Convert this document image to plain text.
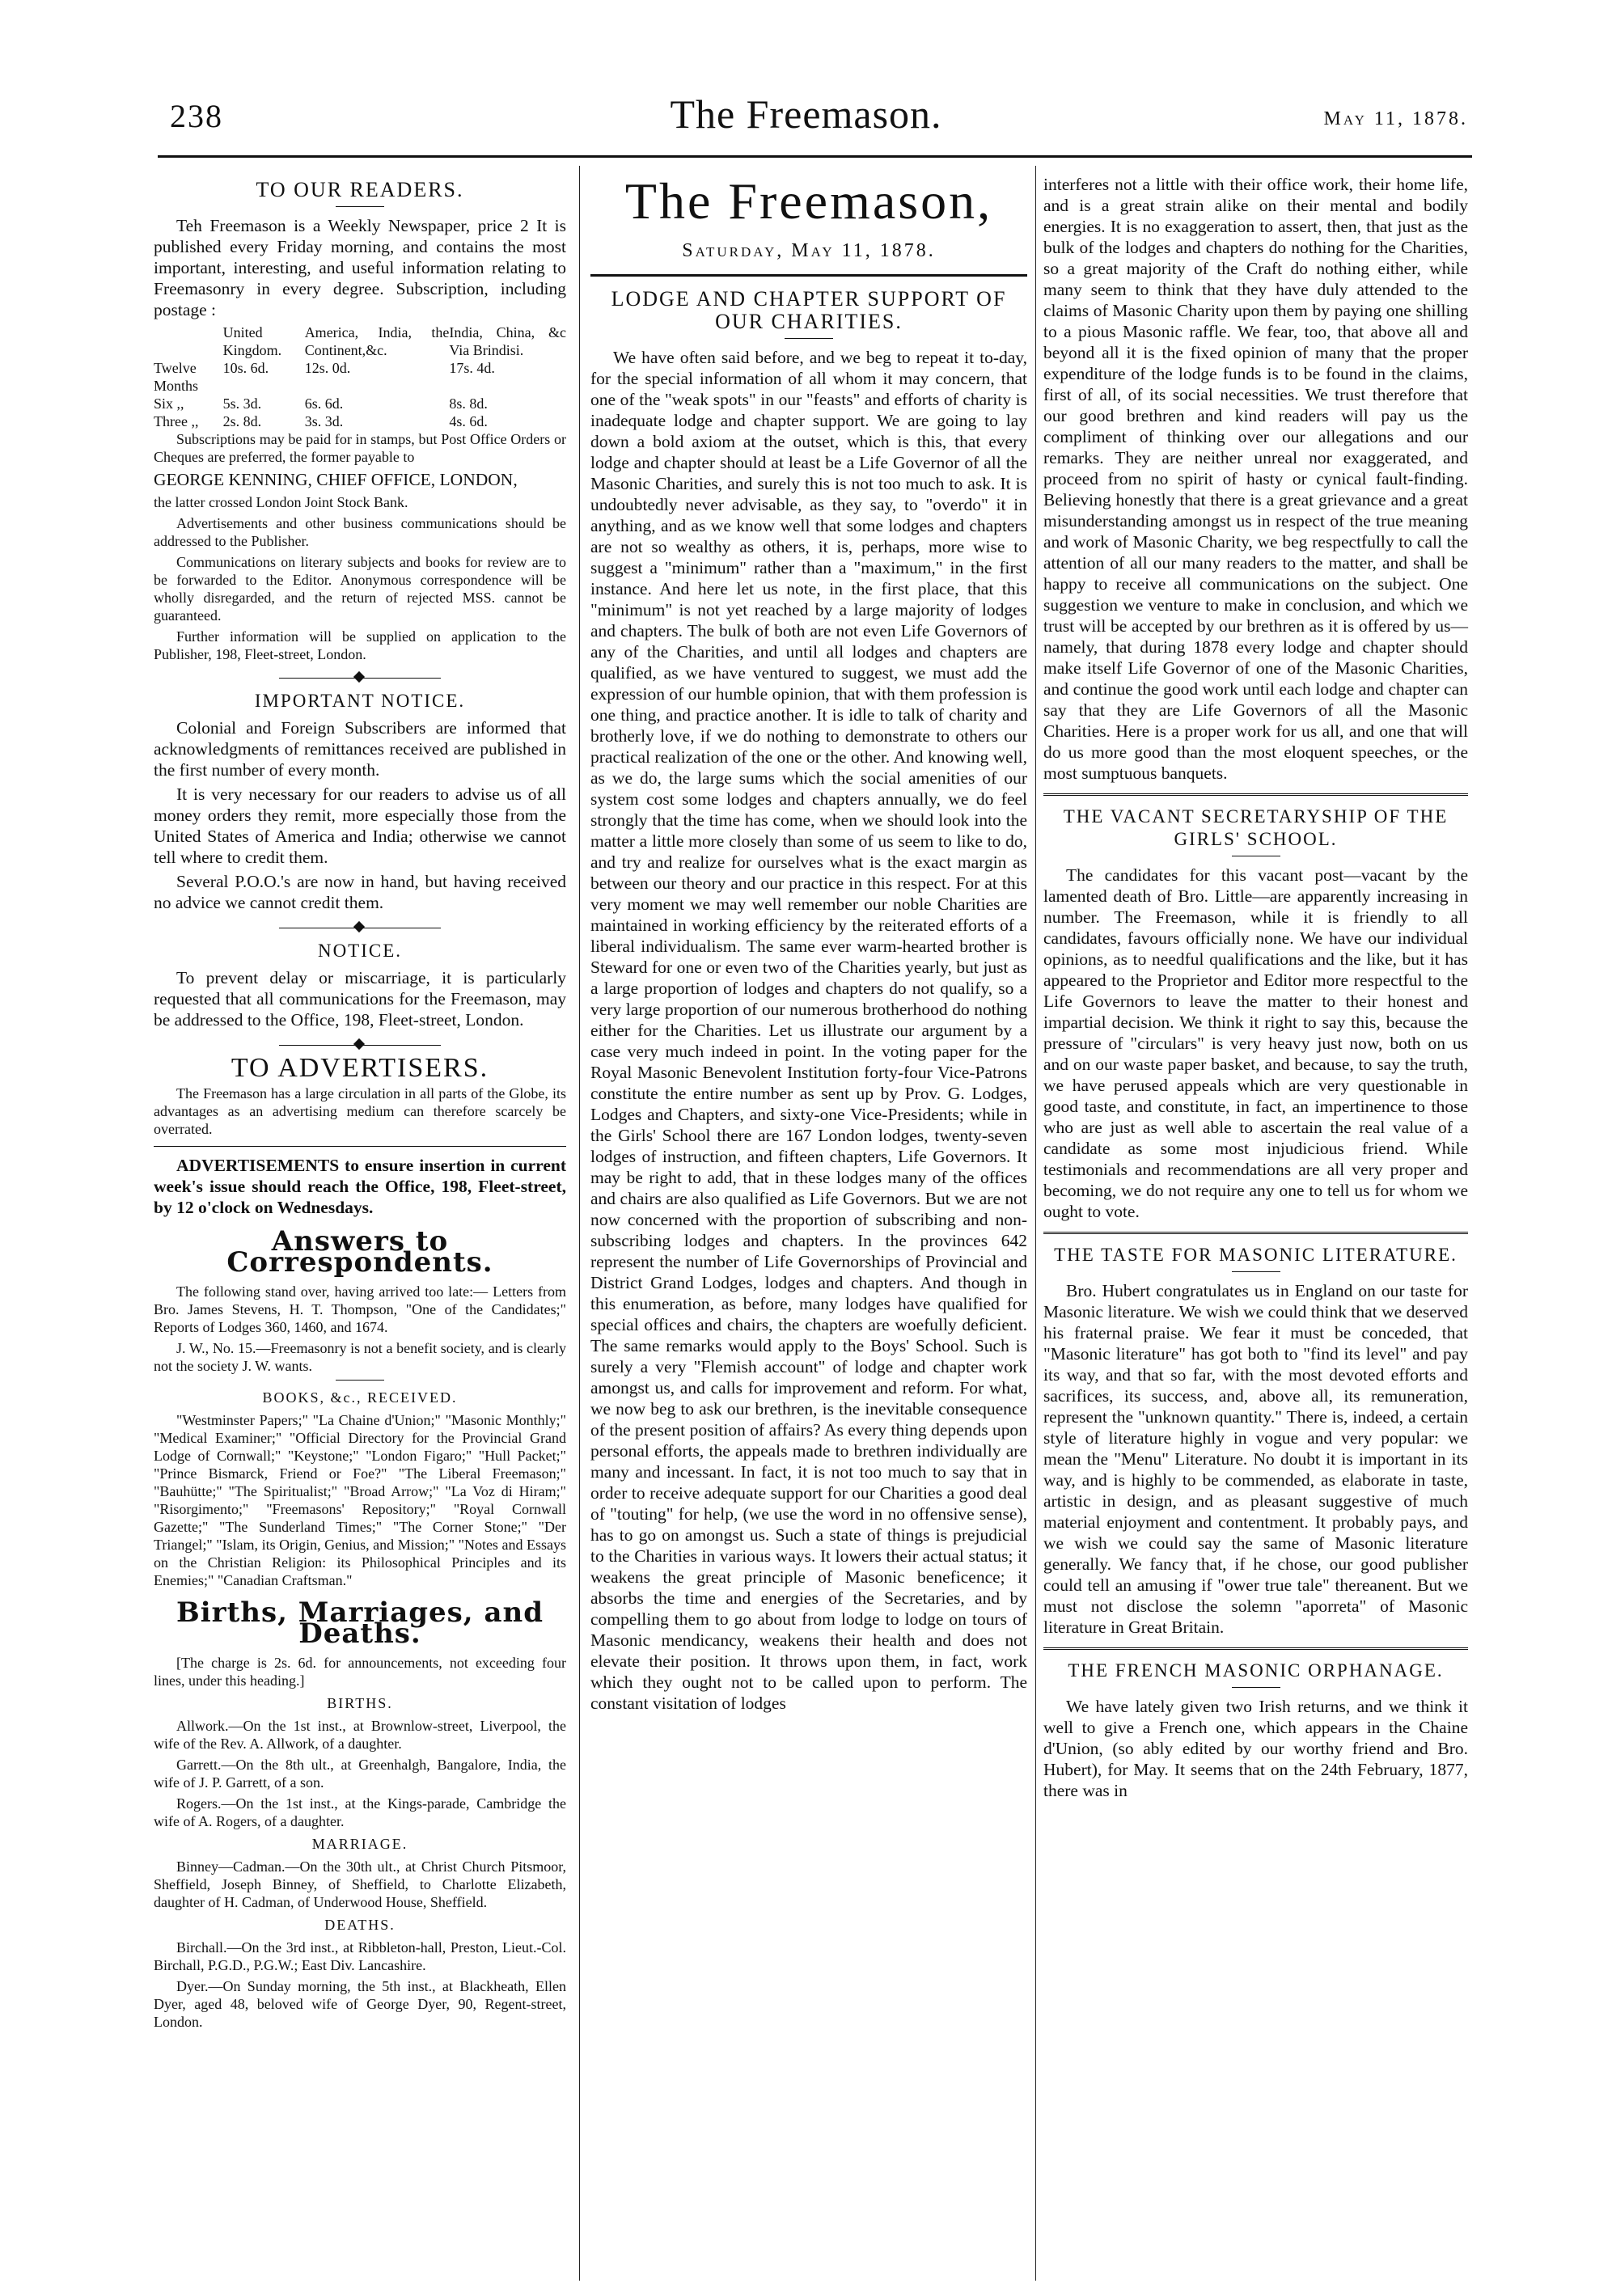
238	The Freemason.	May 11, 1878.
TO OUR READERS.

Teh Freemason is a Weekly Newspaper, price 2 It is published every Friday morning, and contains the most important, interesting, and useful information relating to Freemasonry in every degree. Subscription, including postage :

	United Kingdom.	America, India, the Continent,&c.	India, China, &c Via Brindisi.
Twelve Months	10s. 6d.	12s. 0d.	17s. 4d.
Six ,,	5s. 3d.	6s. 6d.	8s. 8d.
Three ,,	2s. 8d.	3s. 3d.	4s. 6d.

Subscriptions may be paid for in stamps, but Post Office Orders or Cheques are preferred, the former payable to

GEORGE KENNING, CHIEF OFFICE, LONDON,

the latter crossed London Joint Stock Bank.

Advertisements and other business communications should be addressed to the Publisher.

Communications on literary subjects and books for review are to be forwarded to the Editor. Anonymous correspondence will be wholly disregarded, and the return of rejected MSS. cannot be guaranteed.

Further information will be supplied on application to the Publisher, 198, Fleet-street, London.

IMPORTANT NOTICE.

Colonial and Foreign Subscribers are informed that acknowledgments of remittances received are published in the first number of every month.

It is very necessary for our readers to advise us of all money orders they remit, more especially those from the United States of America and India; otherwise we cannot tell where to credit them.

Several P.O.O.'s are now in hand, but having received no advice we cannot credit them.

NOTICE.

To prevent delay or miscarriage, it is particularly requested that all communications for the Freemason, may be addressed to the Office, 198, Fleet-street, London.

TO ADVERTISERS.

The Freemason has a large circulation in all parts of the Globe, its advantages as an advertising medium can therefore scarcely be overrated.

ADVERTISEMENTS to ensure insertion in current week's issue should reach the Office, 198, Fleet-street, by 12 o'clock on Wednesdays.

Answers to Correspondents.

The following stand over, having arrived too late:— Letters from Bro. James Stevens, H. T. Thompson, "One of the Candidates;" Reports of Lodges 360, 1460, and 1674.

J. W., No. 15.—Freemasonry is not a benefit society, and is clearly not the society J. W. wants.

BOOKS, &c., RECEIVED.

"Westminster Papers;" "La Chaine d'Union;" "Masonic Monthly;" "Medical Examiner;" "Official Directory for the Provincial Grand Lodge of Cornwall;" "Keystone;" "London Figaro;" "Hull Packet;" "Prince Bismarck, Friend or Foe?" "The Liberal Freemason;" "Bauhütte;" "The Spiritualist;" "Broad Arrow;" "La Voz di Hiram;" "Risorgimento;" "Freemasons' Repository;" "Royal Cornwall Gazette;" "The Sunderland Times;" "The Corner Stone;" "Der Triangel;" "Islam, its Origin, Genius, and Mission;" "Notes and Essays on the Christian Religion: its Philosophical Principles and its Enemies;" "Canadian Craftsman."

Births, Marriages, and Deaths.

[The charge is 2s. 6d. for announcements, not exceeding four lines, under this heading.]

BIRTHS.

Allwork.—On the 1st inst., at Brownlow-street, Liverpool, the wife of the Rev. A. Allwork, of a daughter.

Garrett.—On the 8th ult., at Greenhalgh, Bangalore, India, the wife of J. P. Garrett, of a son.

Rogers.—On the 1st inst., at the Kings-parade, Cambridge the wife of A. Rogers, of a daughter.

MARRIAGE.

Binney—Cadman.—On the 30th ult., at Christ Church Pitsmoor, Sheffield, Joseph Binney, of Sheffield, to Charlotte Elizabeth, daughter of H. Cadman, of Underwood House, Sheffield.

DEATHS.

Birchall.—On the 3rd inst., at Ribbleton-hall, Preston, Lieut.-Col. Birchall, P.G.D., P.G.W.; East Div. Lancashire.

Dyer.—On Sunday morning, the 5th inst., at Blackheath, Ellen Dyer, aged 48, beloved wife of George Dyer, 90, Regent-street, London.

The Freemason,
Saturday, May 11, 1878.
LODGE AND CHAPTER SUPPORT OF OUR CHARITIES.

We have often said before, and we beg to repeat it to-day, for the special information of all whom it may concern, that one of the "weak spots" in our "feasts" and efforts of charity is inadequate lodge and chapter support. We are going to lay down a bold axiom at the outset, which is this, that every lodge and chapter should at least be a Life Governor of all the Masonic Charities, and surely this is not too much to ask. It is undoubtedly never advisable, as they say, to "overdo" it in anything, and as we know well that some lodges and chapters are not so wealthy as others, it is, perhaps, more wise to suggest a "minimum" rather than a "maximum," in the first instance. And here let us note, in the first place, that this "minimum" is not yet reached by a large majority of lodges and chapters. The bulk of both are not even Life Governors of any of the Charities, and until all lodges and chapters are qualified, as we have ventured to suggest, we must add the expression of our humble opinion, that with them profession is one thing, and practice another. It is idle to talk of charity and brotherly love, if we do nothing to demonstrate to others our practical realization of the one or the other. And knowing well, as we do, the large sums which the social amenities of our system cost some lodges and chapters annually, we do feel strongly that the time has come, when we should look into the matter a little more closely than some of us seem to like to do, and try and realize for ourselves what is the exact margin as between our theory and our practice in this respect. For at this very moment we may well remember our noble Charities are maintained in working efficiency by the reiterated efforts of a liberal individualism. The same ever warm-hearted brother is Steward for one or even two of the Charities yearly, but just as a large proportion of lodges and chapters do not qualify, so a very large proportion of our numerous brotherhood do nothing either for the Charities. Let us illustrate our argument by a case very much indeed in point. In the voting paper for the Royal Masonic Benevolent Institution forty-four Vice-Patrons constitute the entire number as sent up by Prov. G. Lodges, Lodges and Chapters, and sixty-one Vice-Presidents; while in the Girls' School there are 167 London lodges, twenty-seven lodges of instruction, and fifteen chapters, Life Governors. It may be right to add, that in these lodges many of the offices and chairs are also qualified as Life Governors. But we are not now concerned with the proportion of subscribing and non-subscribing lodges and chapters. In the provinces 642 represent the number of Life Governorships of Provincial and District Grand Lodges, lodges and chapters. And though in this enumeration, as before, many lodges have qualified for special offices and chairs, the chapters are woefully deficient. The same remarks would apply to the Boys' School. Such is surely a very "Flemish account" of lodge and chapter work amongst us, and calls for improvement and reform. For what, we now beg to ask our brethren, is the inevitable consequence of the present position of affairs? As every thing depends upon personal efforts, the appeals made to brethren individually are many and incessant. In fact, it is not too much to say that in order to receive adequate support for our Charities a good deal of "touting" for help, (we use the word in no offensive sense), has to go on amongst us. Such a state of things is prejudicial to the Charities in various ways. It lowers their actual status; it weakens the great principle of Masonic beneficence; it absorbs the time and energies of the Secretaries, and by compelling them to go about from lodge to lodge on tours of Masonic mendicancy, weakens their health and does not elevate their position. It throws upon them, in fact, work which they ought not to be called upon to perform. The constant visitation of lodges

interferes not a little with their office work, their home life, and is a great strain alike on their mental and bodily energies. It is no exaggeration to assert, then, that just as the bulk of the lodges and chapters do nothing for the Charities, so a great majority of the Craft do nothing either, while many seem to think that they have duly attended to the claims of Masonic Charity upon them by paying one shilling to a pious Masonic raffle. We fear, too, that above all and beyond all it is the fixed opinion of many that the proper expenditure of the lodge funds is to be found in the claims, first of all, of its social necessities. We trust therefore that our good brethren and kind readers will pay us the compliment of thinking over our allegations and our remarks. They are neither unreal nor exaggerated, and proceed from no spirit of hasty or cynical fault-finding. Believing honestly that there is a great grievance and a great misunderstanding amongst us in respect of the true meaning and work of Masonic Charity, we beg respectfully to call the attention of all our many readers to the matter, and shall be happy to receive all communications on the subject. One suggestion we venture to make in conclusion, and which we trust will be accepted by our brethren as it is offered by us—namely, that during 1878 every lodge and chapter should make itself Life Governor of one of the Masonic Charities, and continue the good work until each lodge and chapter can say that they are Life Governors of all the Masonic Charities. Here is a proper work for us all, and one that will do us more good than the most eloquent speeches, or the most sumptuous banquets.

THE VACANT SECRETARYSHIP OF THE GIRLS' SCHOOL.

The candidates for this vacant post—vacant by the lamented death of Bro. Little—are apparently increasing in number. The Freemason, while it is friendly to all candidates, favours officially none. We have our individual opinions, as to needful qualifications and the like, but it has appeared to the Proprietor and Editor more respectful to the Life Governors to leave the matter to their honest and impartial decision. We think it right to say this, because the pressure of "circulars" is very heavy just now, both on us and on our waste paper basket, and because, to say the truth, we have perused appeals which are very questionable in good taste, and constitute, in fact, an impertinence to those who are just as well able to ascertain the real value of a candidate as some most injudicious friend. While testimonials and recommendations are all very proper and becoming, we do not require any one to tell us for whom we ought to vote.

THE TASTE FOR MASONIC LITERATURE.

Bro. Hubert congratulates us in England on our taste for Masonic literature. We wish we could think that we deserved his fraternal praise. We fear it must be conceded, that "Masonic literature" has got both to "find its level" and pay its way, and that so far, with the most devoted efforts and sacrifices, its success, and, above all, its remuneration, represent the "unknown quantity." There is, indeed, a certain style of literature highly in vogue and very popular: we mean the "Menu" Literature. No doubt it is important in its way, and is highly to be commended, as elaborate in taste, artistic in design, and as pleasant suggestive of much material enjoyment and contentment. It probably pays, and we wish we could say the same of Masonic literature generally. We fancy that, if he chose, our good publisher could tell an amusing if "ower true tale" thereanent. But we must not disclose the solemn "aporreta" of Masonic literature in Great Britain.

THE FRENCH MASONIC ORPHANAGE.

We have lately given two Irish returns, and we think it well to give a French one, which appears in the Chaine d'Union, (so ably edited by our worthy friend and Bro. Hubert), for May. It seems that on the 24th February, 1877, there was in
